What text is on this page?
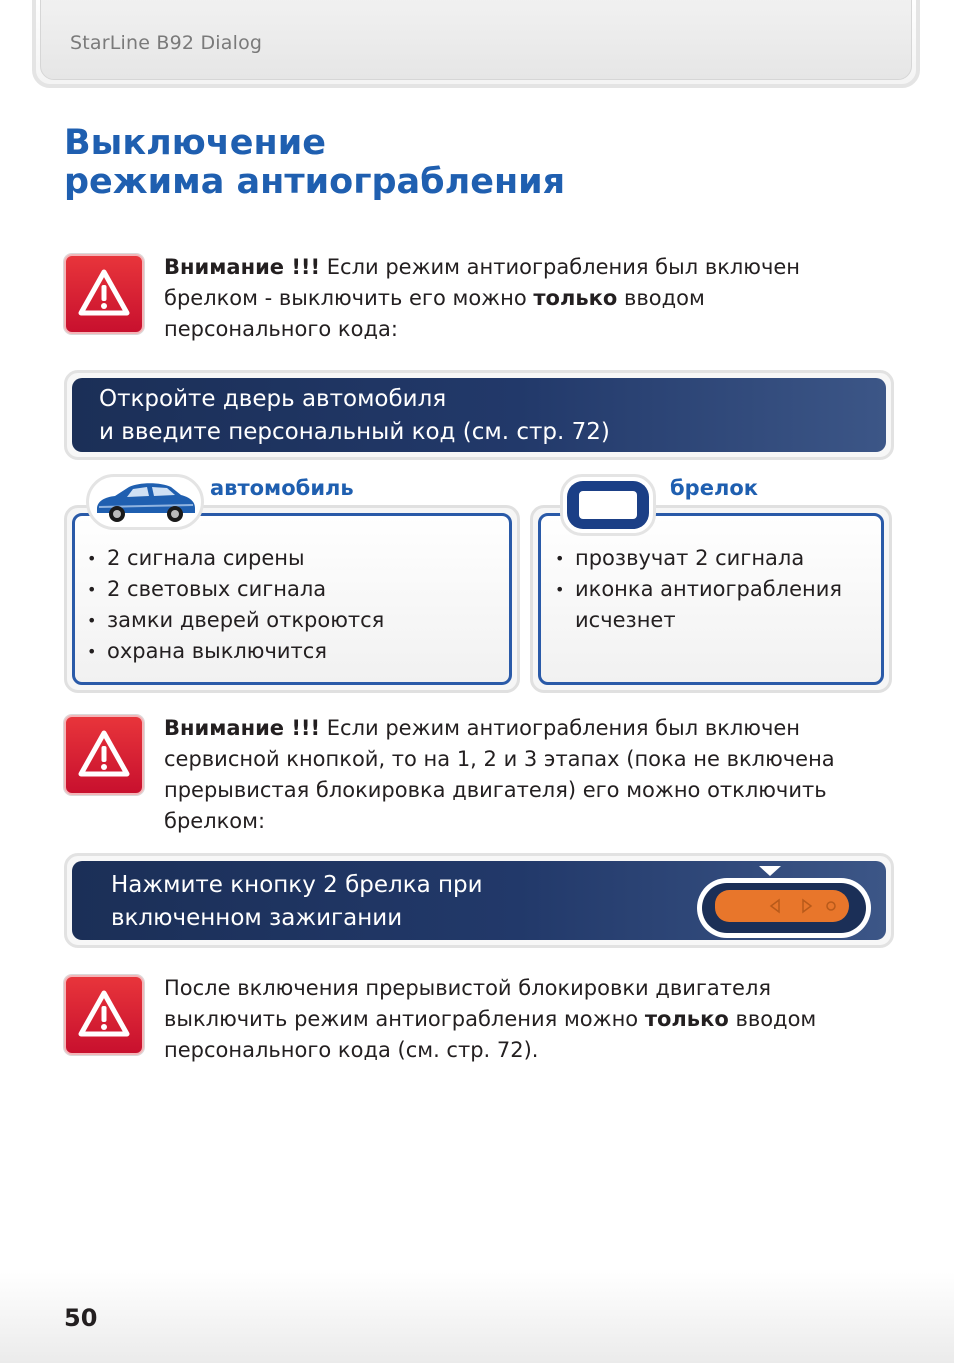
StarLine B92 Dialog
Выключение
режима антиограбления
Внимание !!! Если режим антиограбления был включен брелком - выключить его можно только вводом персонального кода:
Откройте дверь автомобиля
и введите персональный код (см. стр. 72)
• 2 сигнала сирены
• 2 световых сигнала
• замки дверей откроются
• охрана выключится
автомобиль
• прозвучат 2 сигнала
• иконка антиограбления исчезнет
брелок
Внимание !!! Если режим антиограбления был включен сервисной кнопкой, то на 1, 2 и 3 этапах (пока не включена прерывистая блокировка двигателя) его можно отключить брелком:
Нажмите кнопку 2 брелка при
включенном зажигании
После включения прерывистой блокировки двигателя выключить режим антиограбления можно только вводом персонального кода (см. стр. 72).
50
